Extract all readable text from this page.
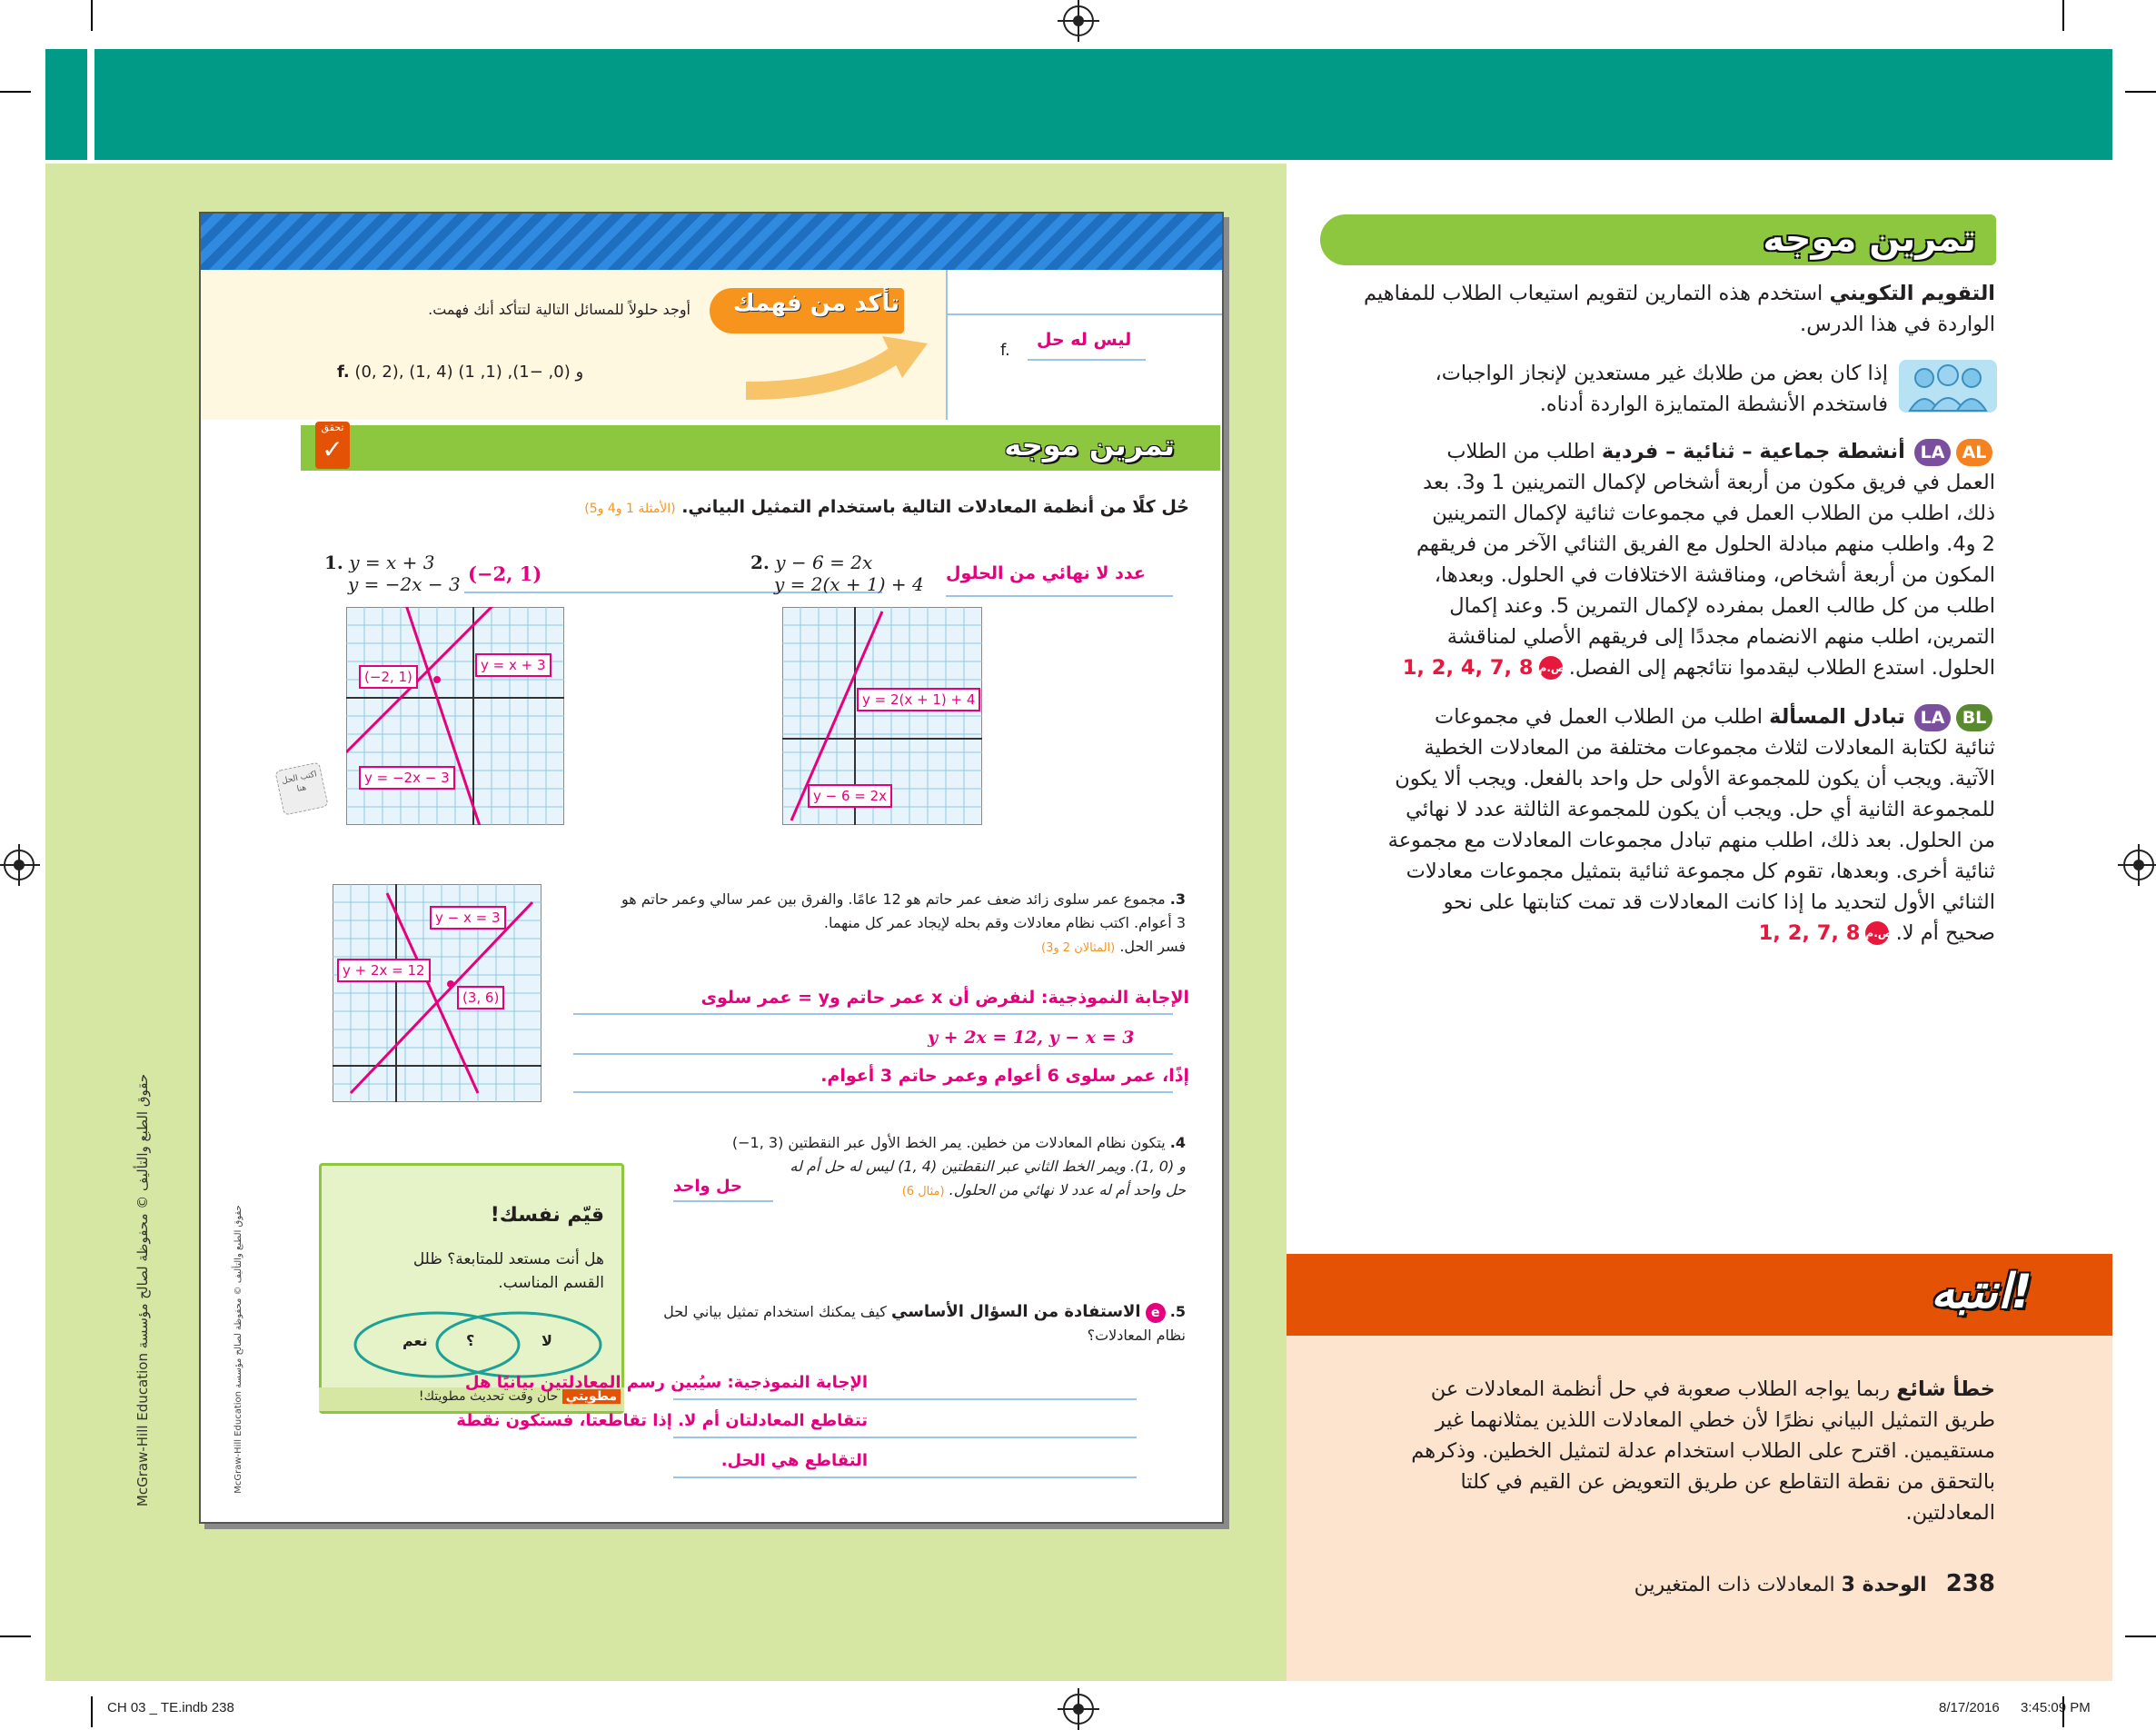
تمرين موجه
التقويم التكويني استخدم هذه التمارين لتقويم استيعاب الطلاب للمفاهيم الواردة في هذا الدرس.
إذا كان بعض من طلابك غير مستعدين لإنجاز الواجبات،
فاستخدم الأنشطة المتمايزة الواردة أدناه.
ALLA أنشطة جماعية – ثنائية – فردية اطلب من الطلاب
العمل في فريق مكون من أربعة أشخاص لإكمال التمرينين 1 و3. بعد
ذلك، اطلب من الطلاب العمل في مجموعات ثنائية لإكمال التمرينين
2 و4. واطلب منهم مبادلة الحلول مع الفريق الثنائي الآخر من فريقهم
المكون من أربعة أشخاص، ومناقشة الاختلافات في الحلول. وبعدها،
اطلب من كل طالب العمل بمفرده لإكمال التمرين 5. وعند إكمال
التمرين، اطلب منهم الانضمام مجددًا إلى فريقهم الأصلي لمناقشة
الحلول. استدع الطلاب ليقدموا نتائجهم إلى الفصل.
1, 2, 4, 7, 8 ص.م
BLLA تبادل المسألة اطلب من الطلاب العمل في مجموعات
ثنائية لكتابة المعادلات لثلاث مجموعات مختلفة من المعادلات الخطية
الآتية. ويجب أن يكون للمجموعة الأولى حل واحد بالفعل. ويجب ألا يكون
للمجموعة الثانية أي حل. ويجب أن يكون للمجموعة الثالثة عدد لا نهائي
من الحلول. بعد ذلك، اطلب منهم تبادل مجموعات المعادلات مع مجموعة
ثنائية أخرى. وبعدها، تقوم كل مجموعة ثنائية بتمثيل مجموعات معادلات
الثنائي الأول لتحديد ما إذا كانت المعادلات قد تمت كتابتها على نحو
صحيح أم لا.
1, 2, 7, 8 ص.م
انتبه!
خطأ شائع ربما يواجه الطلاب صعوبة في حل أنظمة المعادلات عن
طريق التمثيل البياني نظرًا لأن خطي المعادلات اللذين يمثلانهما غير
مستقيمين. اقترح على الطلاب استخدام عدلة لتمثيل الخطين. وذكرهم
بالتحقق من نقطة التقاطع عن طريق التعويض عن القيم في كلتا
المعادلتين.
238   الوحدة 3 المعادلات ذات المتغيرين
حقوق الطبع والتأليف © محفوظة لصالح مؤسسة McGraw-Hill Education
تأكد من فهمك
أوجد حلولاً للمسائل التالية لتتأكد أنك فهمت.
f. (0, 2), (1, 4) و (0, −1), (1, 1)
f.
ليس له حل
تمرين موجه
تحقق
✓
حُل كلًا من أنظمة المعادلات التالية باستخدام التمثيل البياني. (الأمثلة 1 و4 و5)
1. y = x + 3
y = −2x − 3 (−2, 1)
y = x + 3
(−2, 1)
y = −2x − 3
اكتب الحل هنا
2. y − 6 = 2x
y = 2(x + 1) + 4 عدد لا نهائي من الحلول
y = 2(x + 1) + 4
y − 6 = 2x
y − x = 3
y + 2x = 12
(3, 6)
3. مجموع عمر سلوى زائد ضعف عمر حاتم هو 12 عامًا. والفرق بين عمر سالي وعمر حاتم هو
3 أعوام. اكتب نظام معادلات وقم بحله لإيجاد عمر كل منهما.
فسر الحل. (المثالان 2 و3)
الإجابة النموذجية: لنفرض أن x عمر حاتم وy = عمر سلوى
y + 2x = 12, y − x = 3
إذًا، عمر سلوى 6 أعوام وعمر حاتم 3 أعوام.
4. يتكون نظام المعادلات من خطين. يمر الخط الأول عبر النقطتين (3 ,1−)
و (0 ,1). ويمر الخط الثاني عبر النقطتين (4 ,1) ليس له حل أم له
حل واحد أم له عدد لا نهائي من الحلول. (مثال 6)
حل واحد
قيّم نفسك!
هل أنت مستعد للمتابعة؟ ظلل
القسم المناسب.
نعم	؟	لا
مطويتي حان وقت تحديث مطويتك!
5. e الاستفادة من السؤال الأساسي كيف يمكنك استخدام تمثيل بياني لحل نظام المعادلات؟
الإجابة النموذجية: سيُبين رسم المعادلتين بيانيًا هل
تتقاطع المعادلتان أم لا. إذا تقاطعتا، فستكون نقطة
التقاطع هي الحل.
حقوق الطبع والتأليف © محفوظة لصالح مؤسسة McGraw-Hill Education
CH 03 _ TE.indb 238	8/17/2016 3:45:09 PM
